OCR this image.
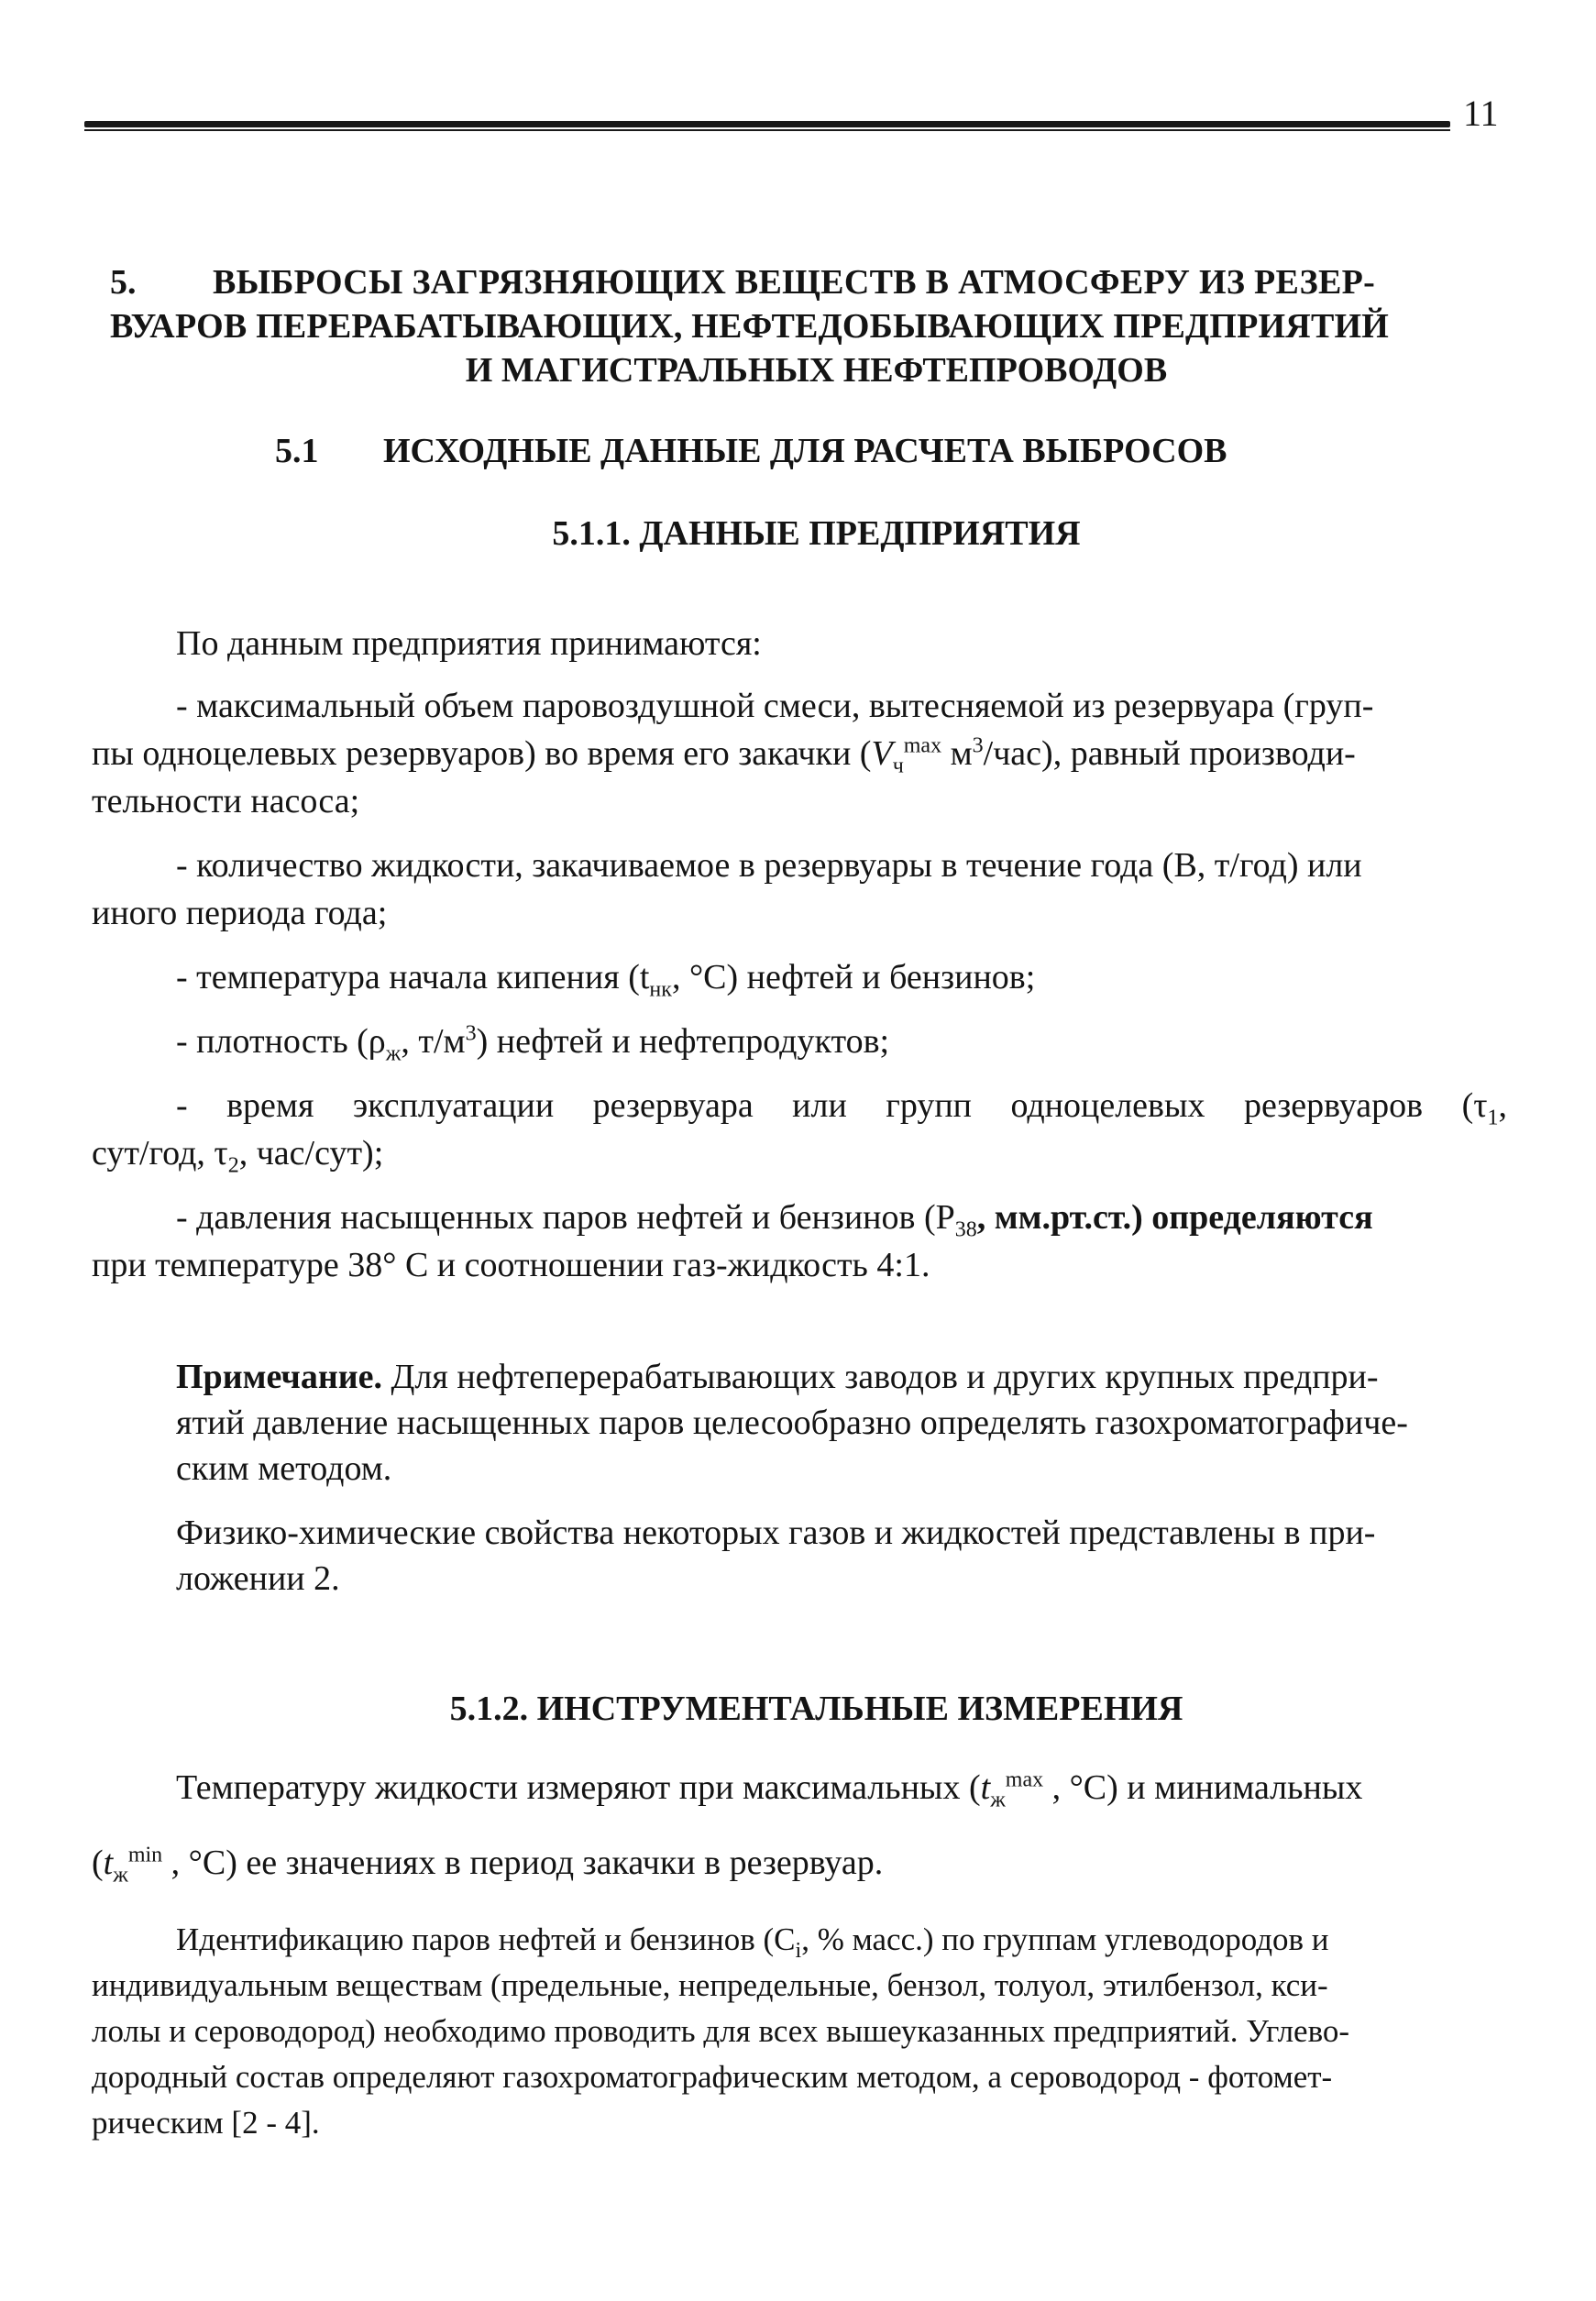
11
5. ВЫБРОСЫ ЗАГРЯЗНЯЮЩИХ ВЕЩЕСТВ В АТМОСФЕРУ ИЗ РЕЗЕР-
ВУАРОВ ПЕРЕРАБАТЫВАЮЩИХ, НЕФТЕДОБЫВАЮЩИХ ПРЕДПРИЯТИЙ
И МАГИСТРАЛЬНЫХ НЕФТЕПРОВОДОВ
5.1 ИСХОДНЫЕ ДАННЫЕ ДЛЯ РАСЧЕТА ВЫБРОСОВ
5.1.1. ДАННЫЕ ПРЕДПРИЯТИЯ
По данным предприятия принимаются:
- максимальный объем паровоздушной смеси, вытесняемой из резервуара (груп-
пы одноцелевых резервуаров) во время его закачки ($V_ч^{max}$ $м^3/час$), равный производи-
тельности насоса;
- количество жидкости, закачиваемое в резервуары в течение года (В, т/год) или
иного периода года;
- температура начала кипения ($t_{нк}$, °С) нефтей и бензинов;
- плотность ($\rho_ж$, $т/м^3$) нефтей и нефтепродуктов;
- время эксплуатации резервуара или групп одноцелевых резервуаров ($\tau_1$,
сут/год, $\tau_2$, час/сут);
- давления насыщенных паров нефтей и бензинов ($Р_{38}$, мм.рт.ст.) определяются
при температуре 38° С и соотношении газ-жидкость 4:1.
Примечание. Для нефтеперерабатывающих заводов и других крупных предпри-
ятий давление насыщенных паров целесообразно определять газохроматографиче-
ским методом.
Физико-химические свойства некоторых газов и жидкостей представлены в при-
ложении 2.
5.1.2. ИНСТРУМЕНТАЛЬНЫЕ ИЗМЕРЕНИЯ
Температуру жидкости измеряют при максимальных ($t_ж^{max}$ , °С) и минимальных
($t_ж^{min}$ , °С) ее значениях в период закачки в резервуар.
Идентификацию паров нефтей и бензинов ($С_i$, % масс.) по группам углеводородов и
индивидуальным веществам (предельные, непредельные, бензол, толуол, этилбензол, кси-
лолы и сероводород) необходимо проводить для всех вышеуказанных предприятий. Углево-
дородный состав определяют газохроматографическим методом, а сероводород - фотомет-
рическим [2 - 4].
